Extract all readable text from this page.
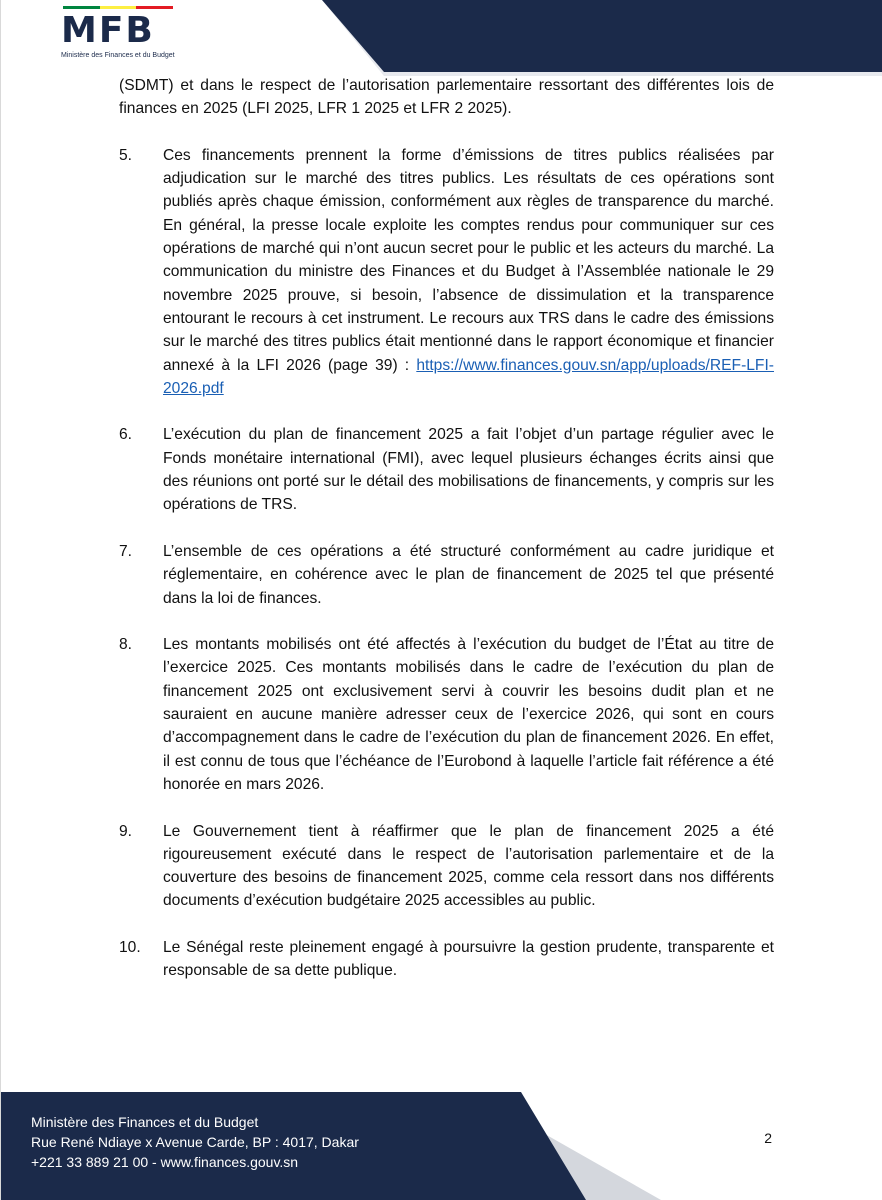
MFB
Ministère des Finances et du Budget

(SDMT) et dans le respect de l’autorisation parlementaire ressortant des différentes lois de finances en 2025 (LFI 2025, LFR 1 2025 et LFR 2 2025).

5.	Ces financements prennent la forme d’émissions de titres publics réalisées par adjudication sur le marché des titres publics. Les résultats de ces opérations sont publiés après chaque émission, conformément aux règles de transparence du marché. En général, la presse locale exploite les comptes rendus pour communiquer sur ces opérations de marché qui n’ont aucun secret pour le public et les acteurs du marché. La communication du ministre des Finances et du Budget à l’Assemblée nationale le 29 novembre 2025 prouve, si besoin, l’absence de dissimulation et la transparence entourant le recours à cet instrument. Le recours aux TRS dans le cadre des émissions sur le marché des titres publics était mentionné dans le rapport économique et financier annexé à la LFI 2026 (page 39) : https://www.finances.gouv.sn/app/uploads/REF-LFI-2026.pdf
6.	L’exécution du plan de financement 2025 a fait l’objet d’un partage régulier avec le Fonds monétaire international (FMI), avec lequel plusieurs échanges écrits ainsi que des réunions ont porté sur le détail des mobilisations de financements, y compris sur les opérations de TRS.
7.	L’ensemble de ces opérations a été structuré conformément au cadre juridique et réglementaire, en cohérence avec le plan de financement de 2025 tel que présenté dans la loi de finances.
8.	Les montants mobilisés ont été affectés à l’exécution du budget de l’État au titre de l’exercice 2025. Ces montants mobilisés dans le cadre de l’exécution du plan de financement 2025 ont exclusivement servi à couvrir les besoins dudit plan et ne sauraient en aucune manière adresser ceux de l’exercice 2026, qui sont en cours d’accompagnement dans le cadre de l’exécution du plan de financement 2026. En effet, il est connu de tous que l’échéance de l’Eurobond à laquelle l’article fait référence a été honorée en mars 2026.
9.	Le Gouvernement tient à réaffirmer que le plan de financement 2025 a été rigoureusement exécuté dans le respect de l’autorisation parlementaire et de la couverture des besoins de financement 2025, comme cela ressort dans nos différents documents d’exécution budgétaire 2025 accessibles au public.
10.	Le Sénégal reste pleinement engagé à poursuivre la gestion prudente, transparente et responsable de sa dette publique.
Ministère des Finances et du Budget
Rue René Ndiaye x Avenue Carde, BP : 4017, Dakar
+221 33 889 21 00 - www.finances.gouv.sn
2
